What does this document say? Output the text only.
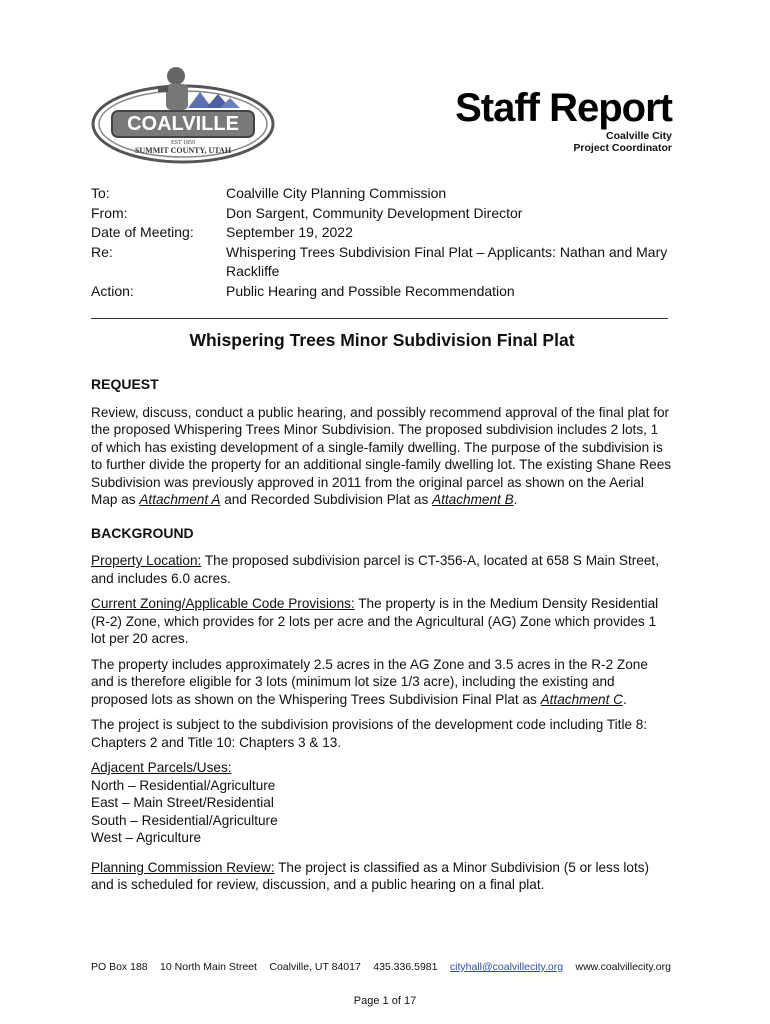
COALVILLE
EST 1859
SUMMIT COUNTY, UTAH
Staff Report
Coalville City
Project Coordinator
To:	Coalville City Planning Commission
From:	Don Sargent, Community Development Director
Date of Meeting:	September 19, 2022
Re:	Whispering Trees Subdivision Final Plat – Applicants: Nathan and Mary Rackliffe
Action:	Public Hearing and Possible Recommendation
Whispering Trees Minor Subdivision Final Plat
REQUEST

Review, discuss, conduct a public hearing, and possibly recommend approval of the final plat for the proposed Whispering Trees Minor Subdivision. The proposed subdivision includes 2 lots, 1 of which has existing development of a single-family dwelling. The purpose of the subdivision is to further divide the property for an additional single-family dwelling lot. The existing Shane Rees Subdivision was previously approved in 2011 from the original parcel as shown on the Aerial Map as Attachment A and Recorded Subdivision Plat as Attachment B.

BACKGROUND

Property Location: The proposed subdivision parcel is CT-356-A, located at 658 S Main Street, and includes 6.0 acres.

Current Zoning/Applicable Code Provisions: The property is in the Medium Density Residential (R-2) Zone, which provides for 2 lots per acre and the Agricultural (AG) Zone which provides 1 lot per 20 acres.

The property includes approximately 2.5 acres in the AG Zone and 3.5 acres in the R-2 Zone and is therefore eligible for 3 lots (minimum lot size 1/3 acre), including the existing and proposed lots as shown on the Whispering Trees Subdivision Final Plat as Attachment C.

The project is subject to the subdivision provisions of the development code including Title 8: Chapters 2 and Title 10: Chapters 3 & 13.

Adjacent Parcels/Uses:
North – Residential/Agriculture
East – Main Street/Residential
South – Residential/Agriculture
West – Agriculture

Planning Commission Review: The project is classified as a Minor Subdivision (5 or less lots) and is scheduled for review, discussion, and a public hearing on a final plat.

PO Box 188 10 North Main Street Coalville, UT 84017 435.336.5981 cityhall@coalvillecity.org www.coalvillecity.org
Page 1 of 17
